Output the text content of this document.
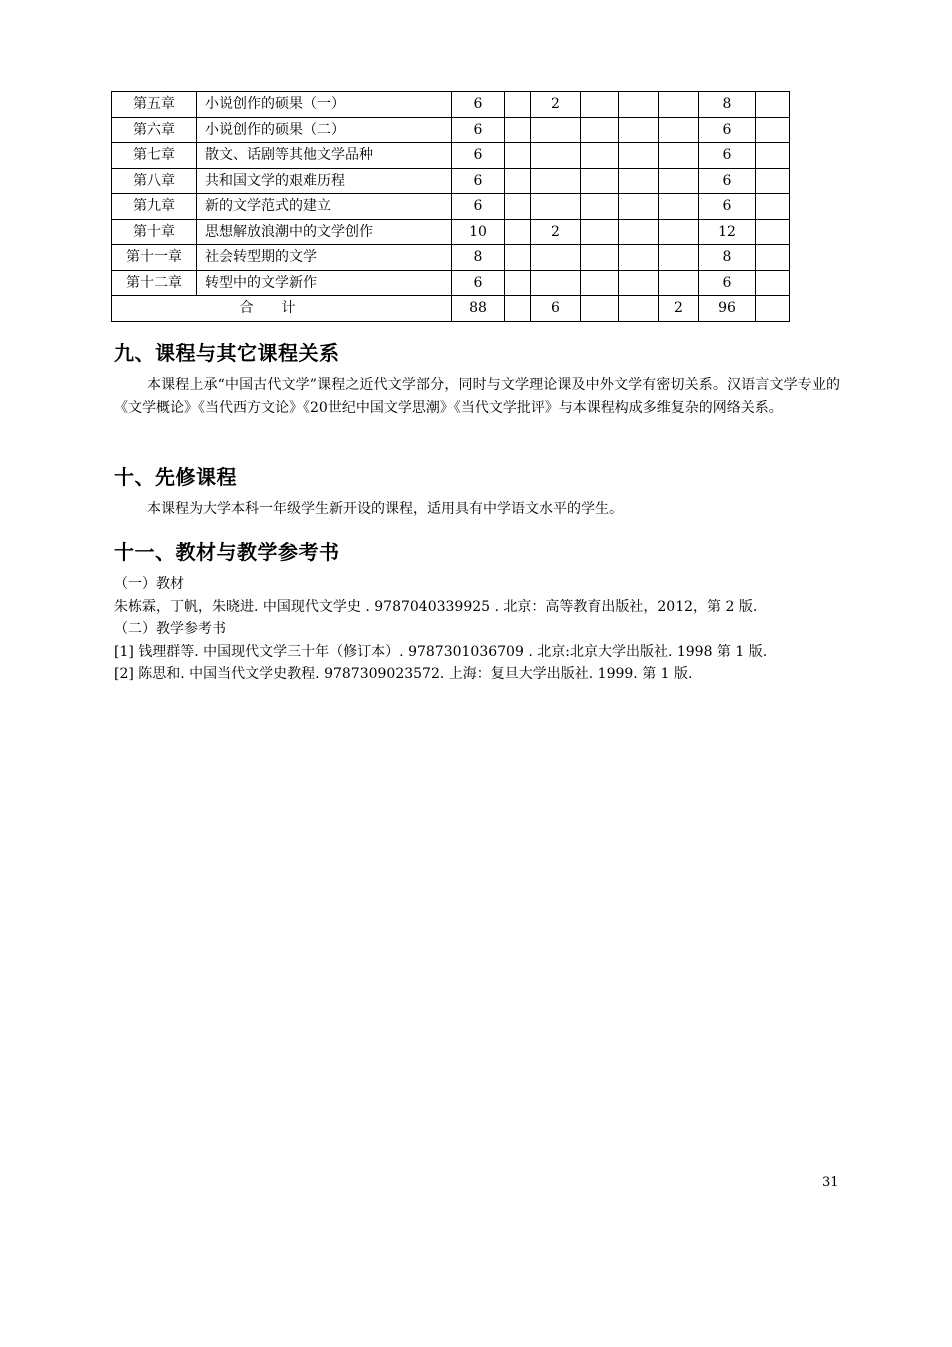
第五章	小说创作的硕果（一）	6		2				8	
第六章	小说创作的硕果（二）	6						6	
第七章	散文、话剧等其他文学品种	6						6	
第八章	共和国文学的艰难历程	6						6	
第九章	新的文学范式的建立	6						6	
第十章	思想解放浪潮中的文学创作	10		2				12	
第十一章	社会转型期的文学	8						8	
第十二章	转型中的文学新作	6						6	
合计		88		6			2	96	
九、课程与其它课程关系

本课程上承“中国古代文学”课程之近代文学部分，同时与文学理论课及中外文学有密切关系。汉语言文学专业的《文学概论》《当代西方文论》《20世纪中国文学思潮》《当代文学批评》与本课程构成多维复杂的网络关系。

十、先修课程

本课程为大学本科一年级学生新开设的课程，适用具有中学语文水平的学生。

十一、教材与教学参考书

（一）教材

朱栋霖，丁帆，朱晓进. 中国现代文学史 . 9787040339925 . 北京：高等教育出版社，2012，第 2 版.

（二）教学参考书

[1] 钱理群等. 中国现代文学三十年（修订本）. 9787301036709 . 北京:北京大学出版社. 1998 第 1 版.

[2] 陈思和. 中国当代文学史教程. 9787309023572. 上海：复旦大学出版社. 1999. 第 1 版.

31
